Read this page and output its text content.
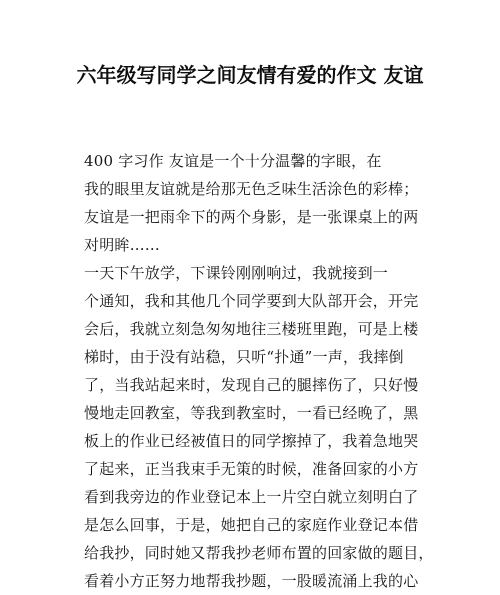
六年级写同学之间友情有爱的作文 友谊
400 字习作 友谊是一个十分温馨的字眼，在
我的眼里友谊就是给那无色乏味生活涂色的彩棒；
友谊是一把雨伞下的两个身影，是一张课桌上的两
对明眸……
一天下午放学，下课铃刚刚响过，我就接到一
个通知，我和其他几个同学要到大队部开会，开完
会后，我就立刻急匆匆地往三楼班里跑，可是上楼
梯时，由于没有站稳，只听“扑通”一声，我摔倒
了，当我站起来时，发现自己的腿摔伤了，只好慢
慢地走回教室，等我到教室时，一看已经晚了，黑
板上的作业已经被值日的同学擦掉了，我着急地哭
了起来，正当我束手无策的时候，准备回家的小方
看到我旁边的作业登记本上一片空白就立刻明白了
是怎么回事，于是，她把自己的家庭作业登记本借
给我抄，同时她又帮我抄老师布置的回家做的题目，
看着小方正努力地帮我抄题，一股暖流涌上我的心
